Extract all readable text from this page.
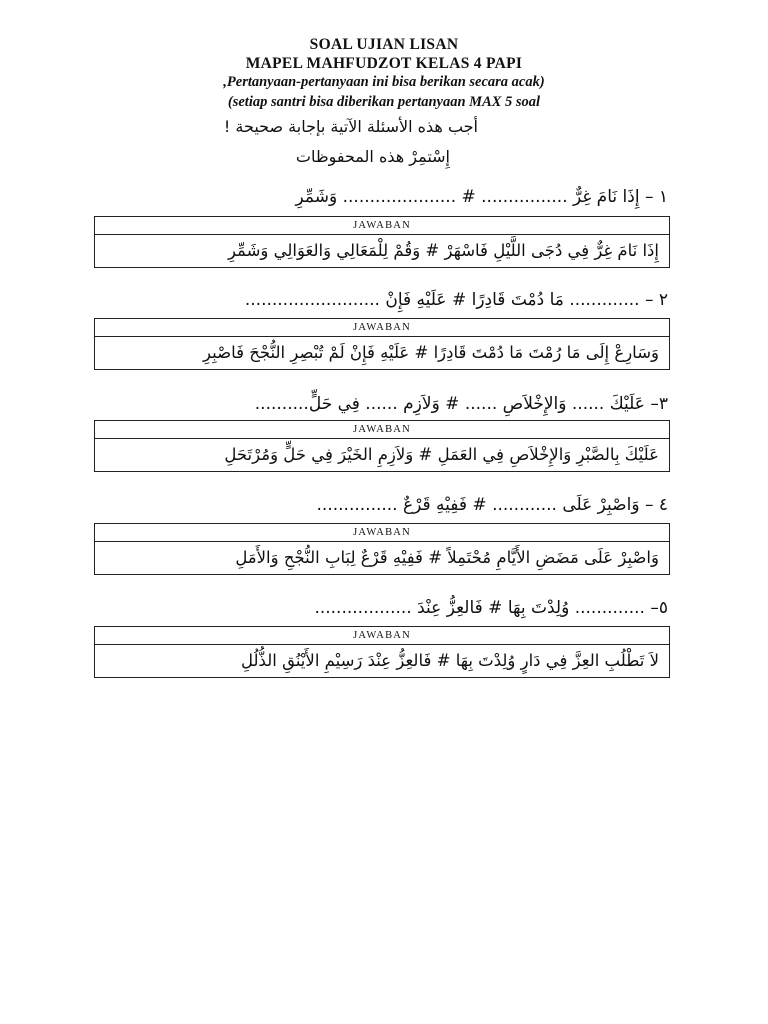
SOAL UJIAN LISAN
MAPEL MAHFUDZOT KELAS 4 PAPI
,Pertanyaan-pertanyaan ini bisa berikan secara acak)
(setiap santri bisa diberikan pertanyaan MAX 5 soal
أجب هذه الأسئلة الآتية بإجابة صحيحة !
إِسْتمِرْ هذه المحفوظات
١ – إِذَا نَامَ غِرٌّ ................ # ..................... وَشَمِّرِ
JAWABAN
إِذَا نَامَ غِرٌّ فِي دُجَى اللَّيْلِ فَاسْهَرْ # وَقُمْ لِلْمَعَالِي وَالعَوَالِي وَشَمِّرِ
٢ – ............. مَا دُمْتَ قَادِرًا # عَلَيْهِ فَإِنْ .........................
JAWABAN
وَسَارِعْ إِلَى مَا رُمْتَ مَا دُمْتَ قَادِرًا # عَلَيْهِ فَإِنْ لَمْ تُبْصِرِ النُّجْحَ فَاصْبِرِ
٣– عَلَيْكَ ...... وَالإِخْلاَصِ ...... # وَلاَزِم ...... فِي حَلٍّ..........
JAWABAN
عَلَيْكَ بِالصَّبْرِ وَالإِخْلاَصِ فِي العَمَلِ # وَلاَزِمِ الخَيْرَ فِي حَلٍّ وَمُرْتَحَلِ
٤ – وَاصْبِرْ عَلَى ............ # فَفِيْهِ قَرْعٌ ...............
JAWABAN
وَاصْبِرْ عَلَى مَضَضِ الأَيَّامِ مُحْتَمِلاً # فَفِيْهِ قَرْعٌ لِبَابِ النُّجْحِ وَالأَمَلِ
٥– ............. وُلِدْتَ بِهَا # فَالعِزُّ عِنْدَ ..................
JAWABAN
لاَ تَطْلُبِ العِزَّ فِي دَارٍ وُلِدْتَ بِهَا # فَالعِزُّ عِنْدَ رَسِيْمِ الأَيْنُقِ الذُّلُلِ
